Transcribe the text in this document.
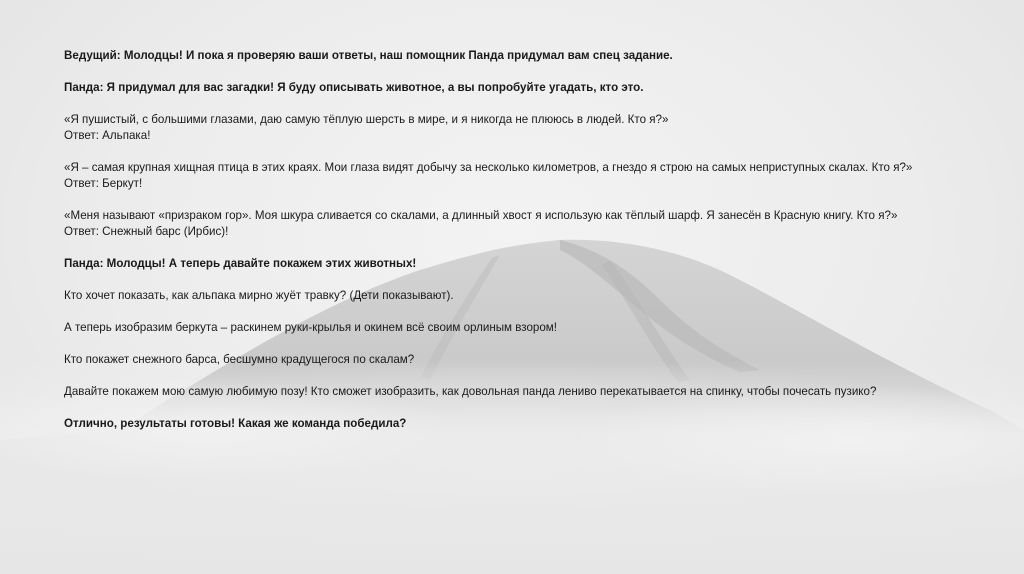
Ведущий: Молодцы! И пока я проверяю ваши ответы, наш помощник Панда придумал вам спец задание.
Панда: Я придумал для вас загадки! Я буду описывать животное, а вы попробуйте угадать, кто это.
«Я пушистый, с большими глазами, даю самую тёплую шерсть в мире, и я никогда не плююсь в людей. Кто я?»
Ответ: Альпака!
«Я – самая крупная хищная птица в этих краях. Мои глаза видят добычу за несколько километров, а гнездо я строю на самых неприступных скалах. Кто я?»
Ответ: Беркут!
«Меня называют «призраком гор». Моя шкура сливается со скалами, а длинный хвост я использую как тёплый шарф. Я занесён в Красную книгу. Кто я?»
Ответ: Снежный барс (Ирбис)!
Панда: Молодцы! А теперь давайте покажем этих животных!
Кто хочет показать, как альпака мирно жуёт травку? (Дети показывают).
А теперь изобразим беркута – раскинем руки-крылья и окинем всё своим орлиным взором!
Кто покажет снежного барса, бесшумно крадущегося по скалам?
Давайте покажем мою самую любимую позу! Кто сможет изобразить, как довольная панда лениво перекатывается на спинку, чтобы почесать пузико?
Отлично, результаты готовы! Какая же команда победила?
